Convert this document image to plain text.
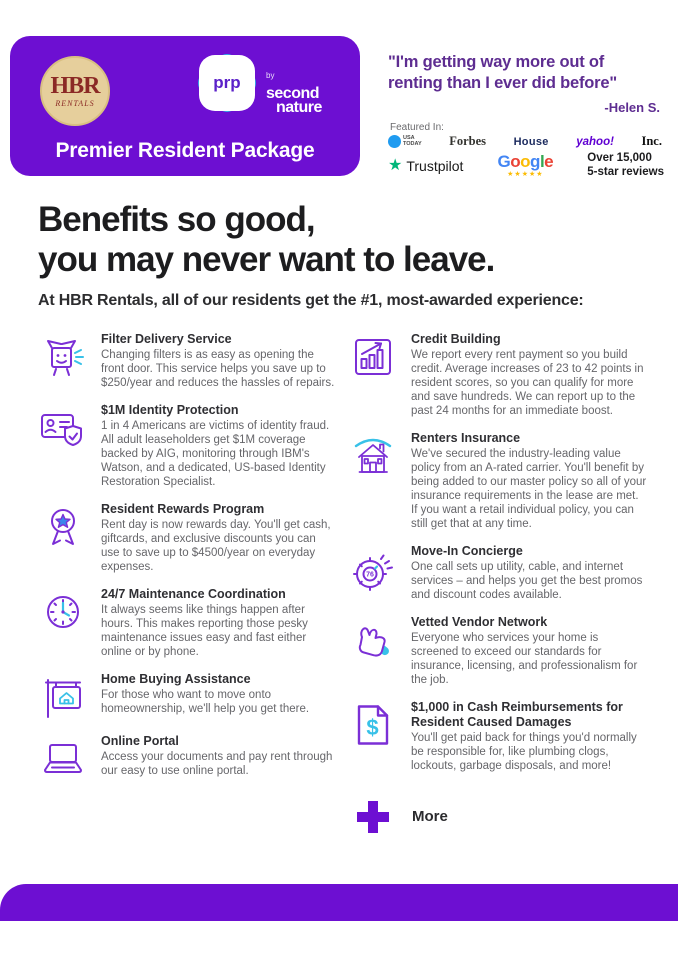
HBR
RENTALS
prp	$^{by}$
second
nature
Premier Resident Package
"I'm getting way more out of
renting than I ever did before"
-Helen S.
Featured In:
USA
TODAY Forbes	House yahoo! Inc.
★ Trustpilot Google
★★★★★
Over 15,000
5-star reviews
Benefits so good,
you may never want to leave.
At HBR Rentals, all of our residents get the #1, most-awarded experience:
Filter Delivery Service
Changing filters is as easy as opening the front door. This service helps you save up to $250/year and reduces the hassles of repairs.
$1M Identity Protection
1 in 4 Americans are victims of identity fraud. All adult leaseholders get $1M coverage backed by AIG, monitoring through IBM's Watson, and a dedicated, US-based Identity Restoration Specialist.
Resident Rewards Program
Rent day is now rewards day. You'll get cash, giftcards, and exclusive discounts you can use to save up to $4500/year on everyday expenses.
24/7 Maintenance Coordination
It always seems like things happen after hours. This makes reporting those pesky maintenance issues easy and fast either online or by phone.
Home Buying Assistance
For those who want to move onto homeownership, we'll help you get there.
Online Portal
Access your documents and pay rent through our easy to use online portal.
Credit Building
We report every rent payment so you build credit. Average increases of 23 to 42 points in resident scores, so you can qualify for more and save hundreds. We can report up to the past 24 months for an immediate boost.
Renters Insurance
We've secured the industry-leading value policy from an A-rated carrier. You'll benefit by being added to our master policy so all of your insurance requirements in the lease are met. If you want a retail individual policy, you can still get that at any time.
76
Move-In Concierge
One call sets up utility, cable, and internet services – and helps you get the best promos and discount codes available.
Vetted Vendor Network
Everyone who services your home is screened to exceed our standards for insurance, licensing, and professionalism for the job.
$
$1,000 in Cash Reimbursements for Resident Caused Damages
You'll get paid back for things you'd normally be responsible for, like plumbing clogs, lockouts, garbage disposals, and more!
More
